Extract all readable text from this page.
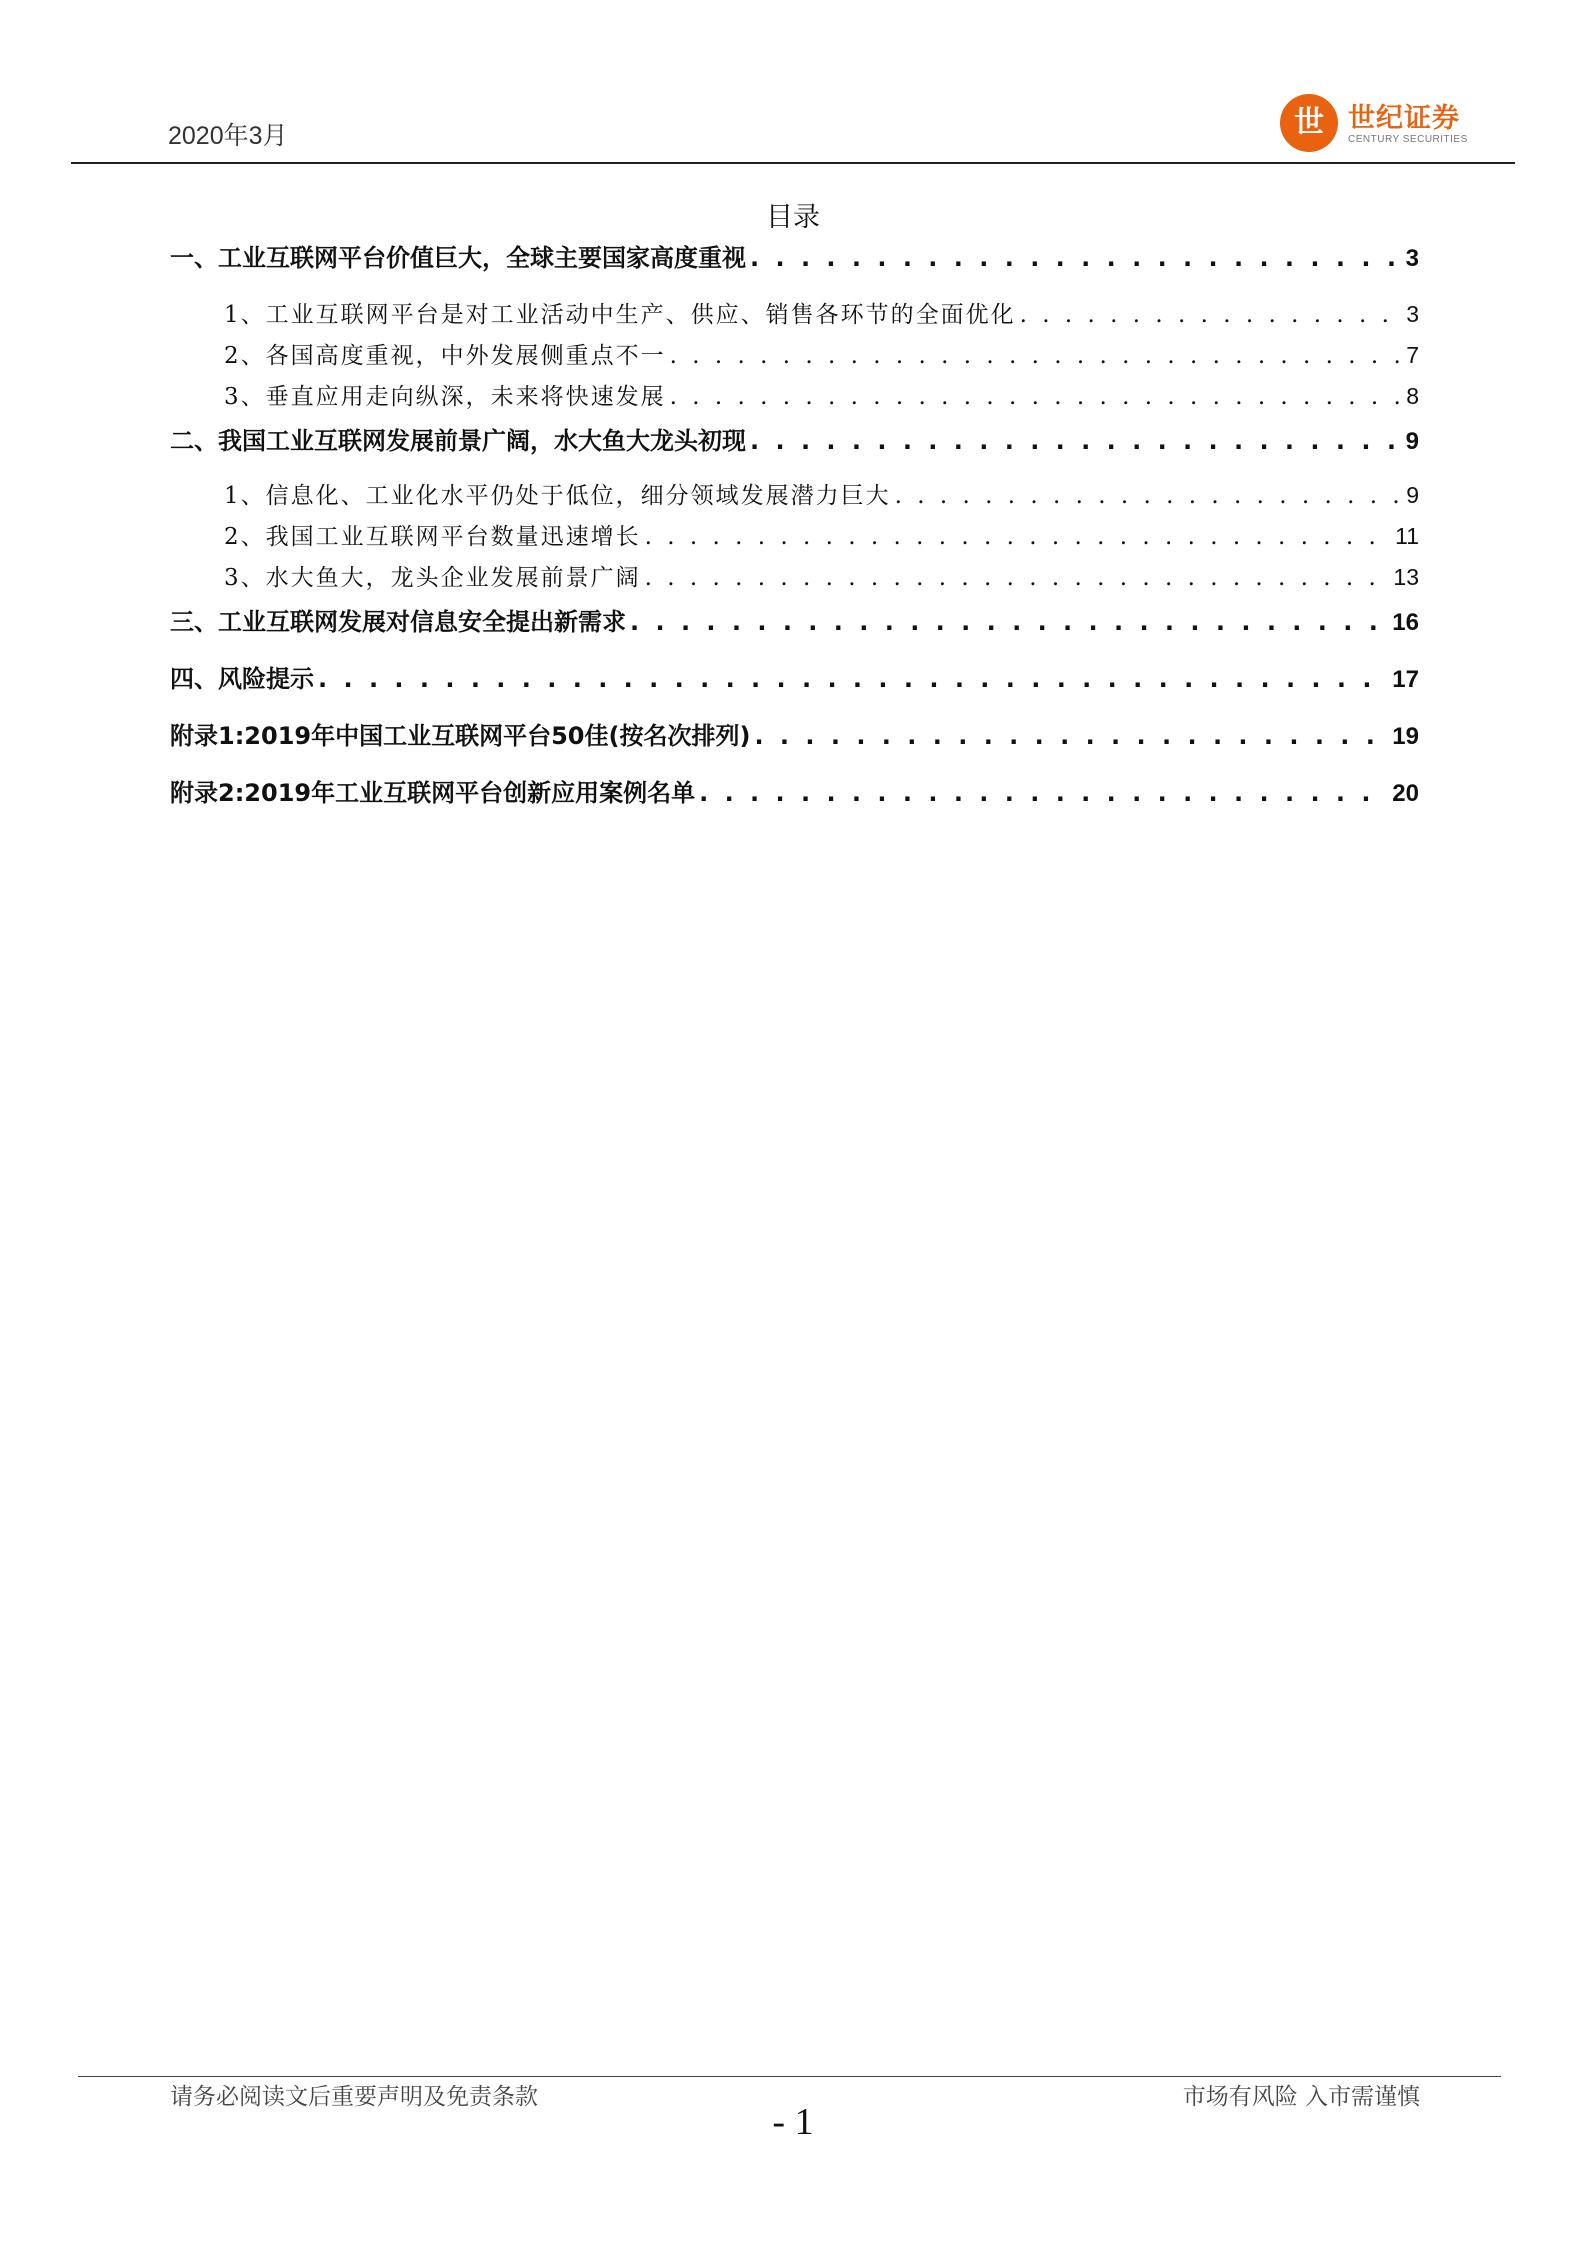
2020年3月	世 世纪证券
CENTURY SECURITIES
目录
一、工业互联网平台价值巨大，全球主要国家高度重视 . . .	3
1、工业互联网平台是对工业活动中生产、供应、销售各环节的全面优化 . . .	3
2、各国高度重视，中外发展侧重点不一 . . .	7
3、垂直应用走向纵深，未来将快速发展 . . .	8
二、我国工业互联网发展前景广阔，水大鱼大龙头初现 . . .	9
1、信息化、工业化水平仍处于低位，细分领域发展潜力巨大 . . .	9
2、我国工业互联网平台数量迅速增长 . . .	11
3、水大鱼大，龙头企业发展前景广阔 . . .	13
三、工业互联网发展对信息安全提出新需求 . . .	16
四、风险提示 . . .	17
附录1:2019年中国工业互联网平台50佳(按名次排列) . . .	19
附录2:2019年工业互联网平台创新应用案例名单 . . .	20
请务必阅读文后重要声明及免责条款	市场有风险 入市需谨慎
- 1
